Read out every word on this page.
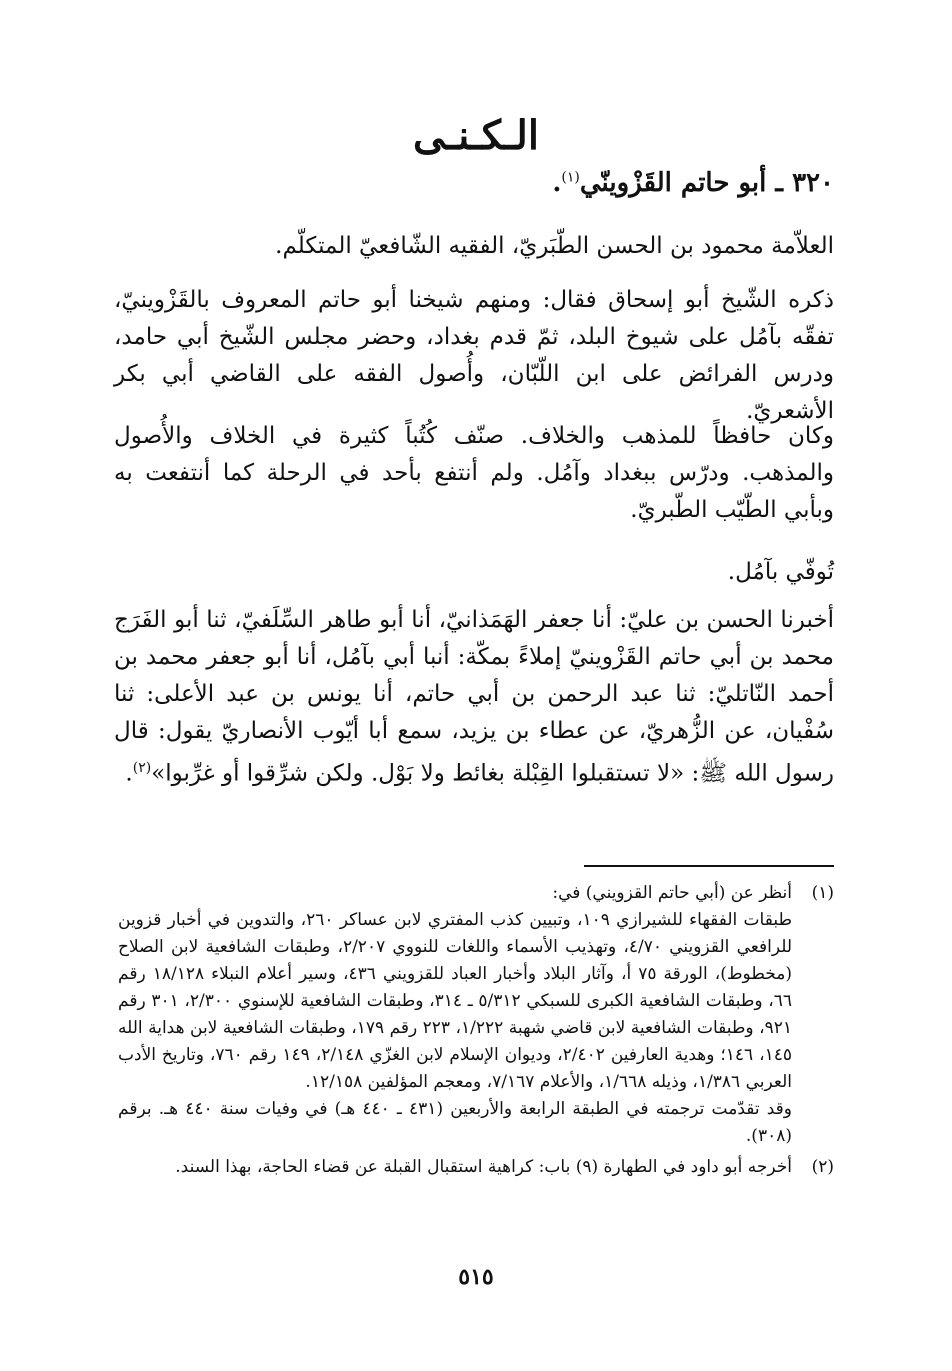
الـكـنـى
٣٢٠ ـ أبو حاتم القَزْوينّي$^{(١)}$.

العلاّمة محمود بن الحسن الطّبَريّ، الفقيه الشّافعيّ المتكلّم.

ذكره الشّيخ أبو إسحاق فقال: ومنهم شيخنا أبو حاتم المعروف بالقَزْوينيّ، تفقّه بآمُل على شيوخ البلد، ثمّ قدم بغداد، وحضر مجلس الشّيخ أبي حامد، ودرس الفرائض على ابن اللّبّان، وأُصول الفقه على القاضي أبي بكر الأشعريّ.

وكان حافظاً للمذهب والخلاف. صنّف كُتُباً كثيرة في الخلاف والأُصول والمذهب. ودرّس ببغداد وآمُل. ولم أنتفع بأحد في الرحلة كما أنتفعت به وبأبي الطّيّب الطّبريّ.

تُوفّي بآمُل.

أخبرنا الحسن بن عليّ: أنا جعفر الهَمَذانيّ، أنا أبو طاهر السِّلَفيّ، ثنا أبو الفَرَج محمد بن أبي حاتم القَزْوينيّ إملاءً بمكّة: أنبا أبي بآمُل، أنا أبو جعفر محمد بن أحمد النّاتليّ: ثنا عبد الرحمن بن أبي حاتم، أنا يونس بن عبد الأعلى: ثنا سُفْيان، عن الزُّهريّ، عن عطاء بن يزيد، سمع أبا أيّوب الأنصاريّ يقول: قال رسول الله ﷺ: «لا تستقبلوا القِبْلة بغائط ولا بَوْل. ولكن شرِّقوا أو غرِّبوا»$^{(٢)}$.

(١)

أنظر عن (أبي حاتم القزويني) في:

طبقات الفقهاء للشيرازي ١٠٩، وتبيين كذب المفتري لابن عساكر ٢٦٠، والتدوين في أخبار قزوين للرافعي القزويني ٤/٧٠، وتهذيب الأسماء واللغات للنووي ٢/٢٠٧، وطبقات الشافعية لابن الصلاح (مخطوط)، الورقة ٧٥ أ، وآثار البلاد وأخبار العباد للقزويني ٤٣٦، وسير أعلام النبلاء ١٨/١٢٨ رقم ٦٦، وطبقات الشافعية الكبرى للسبكي ٥/٣١٢ ـ ٣١٤، وطبقات الشافعية للإسنوي ٢/٣٠٠، ٣٠١ رقم ٩٢١، وطبقات الشافعية لابن قاضي شهبة ١/٢٢٢، ٢٢٣ رقم ١٧٩، وطبقات الشافعية لابن هداية الله ١٤٥، ١٤٦؛ وهدية العارفين ٢/٤٠٢، وديوان الإسلام لابن الغزّي ٢/١٤٨، ١٤٩ رقم ٧٦٠، وتاريخ الأدب العربي ١/٣٨٦، وذيله ١/٦٦٨، والأعلام ٧/١٦٧، ومعجم المؤلفين ١٢/١٥٨.

وقد تقدّمت ترجمته في الطبقة الرابعة والأربعين (٤٣١ ـ ٤٤٠ هـ) في وفيات سنة ٤٤٠ هـ. برقم (٣٠٨).

(٢)

أخرجه أبو داود في الطهارة (٩) باب: كراهية استقبال القبلة عن قضاء الحاجة، بهذا السند.

٥١٥
